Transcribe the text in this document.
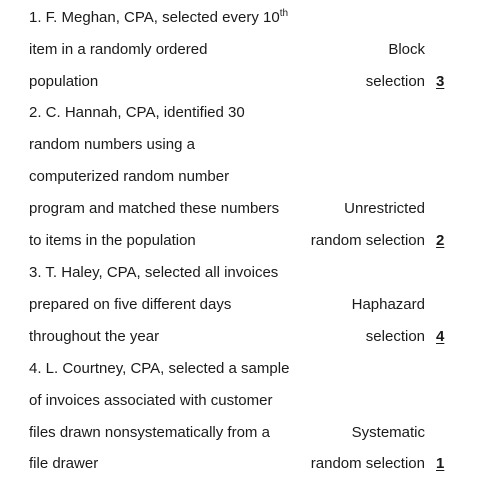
1. F. Meghan, CPA, selected every 10th
item in a randomly ordered	Block
population	selection 3
2. C. Hannah, CPA, identified 30
random numbers using a
computerized random number
program and matched these numbers	Unrestricted
to items in the population	random selection 2
3. T. Haley, CPA, selected all invoices
prepared on five different days	Haphazard
throughout the year	selection 4
4. L. Courtney, CPA, selected a sample
of invoices associated with customer
files drawn nonsystematically from a	Systematic
file drawer	random selection 1
